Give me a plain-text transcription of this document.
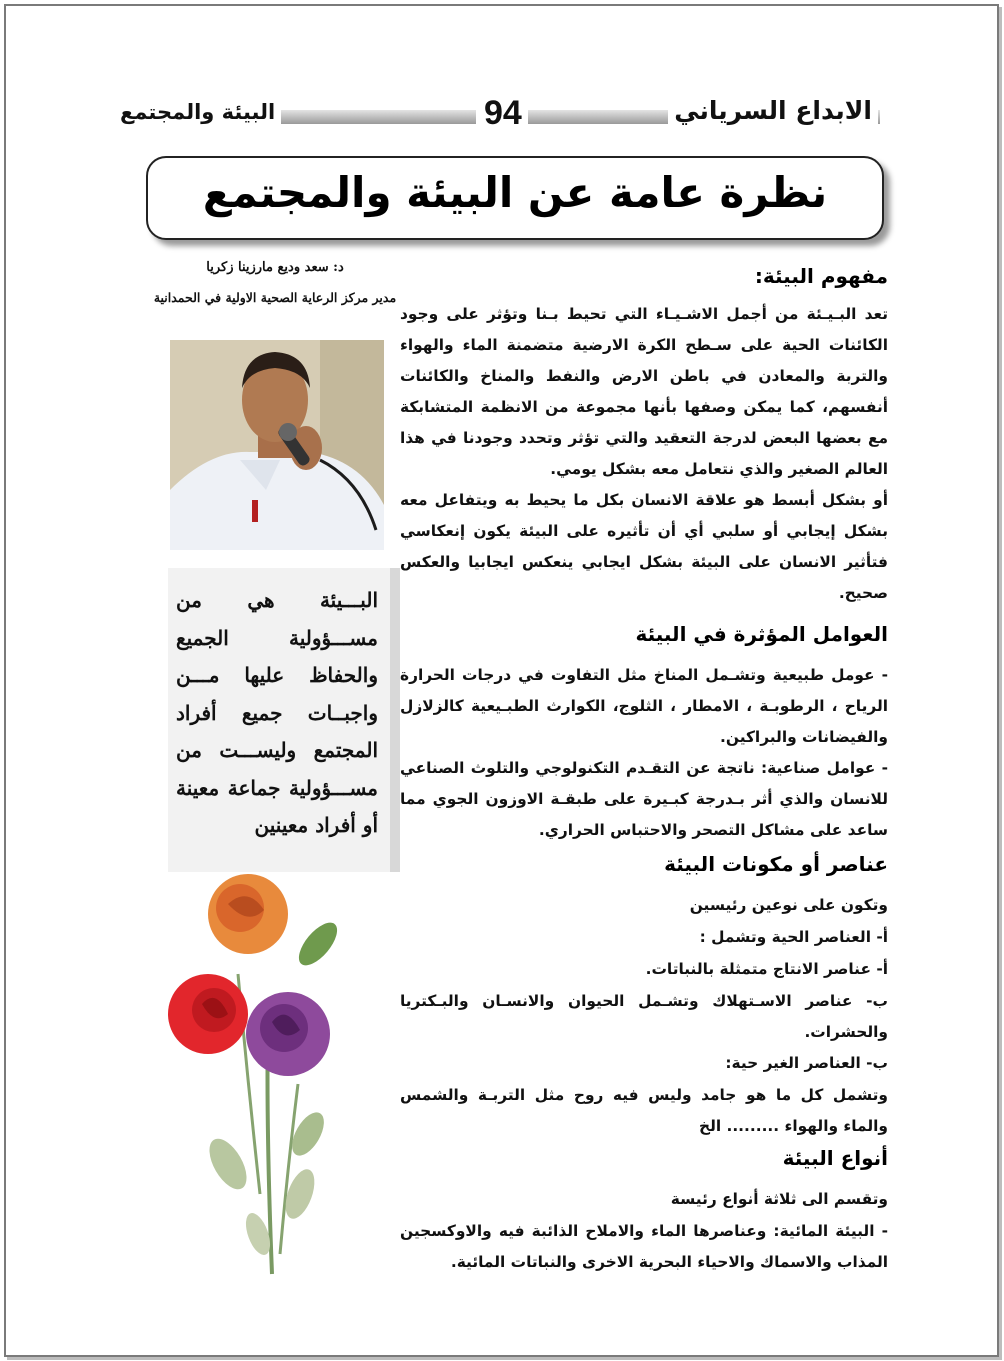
الابداع السرياني
البيئة والمجتمع	94
نظرة عامة عن البيئة والمجتمع
د: سعد وديع مارزينا زكريا
مدير مركز الرعاية الصحية الاولية في الحمدانية

البـــيئة هي من مســـؤولية الجميع والحفاظ عليها مـــن واجبــات جميع أفراد المجتمع وليســـت من مســـؤولية جماعة معينة أو أفراد معينين

مفهوم البيئة:

تعد البـيـئة من أجمل الاشـيـاء التي تحيط بـنا وتؤثر على وجود الكائنات الحية على سـطح الكرة الارضية متضمنة الماء والهواء والتربة والمعادن في باطن الارض والنفط والمناخ والكائنات أنفسهم، كما يمكن وصفها بأنها مجموعة من الانظمة المتشابكة مع بعضها البعض لدرجة التعقيد والتي تؤثر وتحدد وجودنا في هذا العالم الصغير والذي نتعامل معه بشكل يومي.

أو بشكل أبسط هو علاقة الانسان بكل ما يحيط به ويتفاعل معه بشكل إيجابي أو سلبي أي أن تأثيره على البيئة يكون إنعكاسي فتأثير الانسان على البيئة بشكل ايجابي ينعكس ايجابيا والعكس صحيح.

العوامل المؤثرة في البيئة

- عومل طبيعية وتشـمل المناخ مثل التفاوت في درجات الحرارة الرياح ، الرطوبـة ، الامطار ، الثلوج، الكوارث الطبـيعية كالزلازل والفيضانات والبراكين.

- عوامل صناعية: ناتجة عن التقـدم التكنولوجي والتلوث الصناعي للانسان والذي أثر بـدرجة كبـيرة على طبقـة الاوزون الجوي مما ساعد على مشاكل التصحر والاحتباس الحراري.

عناصر أو مكونات البيئة

وتكون على نوعين رئيسين

أ- العناصر الحية وتشمل :

أ- عناصر الانتاج متمثلة بالنباتات.

ب- عناصر الاسـتهلاك وتشـمل الحيوان والانسـان والبـكتريا والحشرات.

ب- العناصر الغير حية:

وتشمل كل ما هو جامد وليس فيه روح مثل التربـة والشمس والماء والهواء ......... الخ

أنواع البيئة

وتقسم الى ثلاثة أنواع رئيسة

- البيئة المائية: وعناصرها الماء والاملاح الذائبة فيه والاوكسجين المذاب والاسماك والاحياء البحرية الاخرى والنباتات المائية.
